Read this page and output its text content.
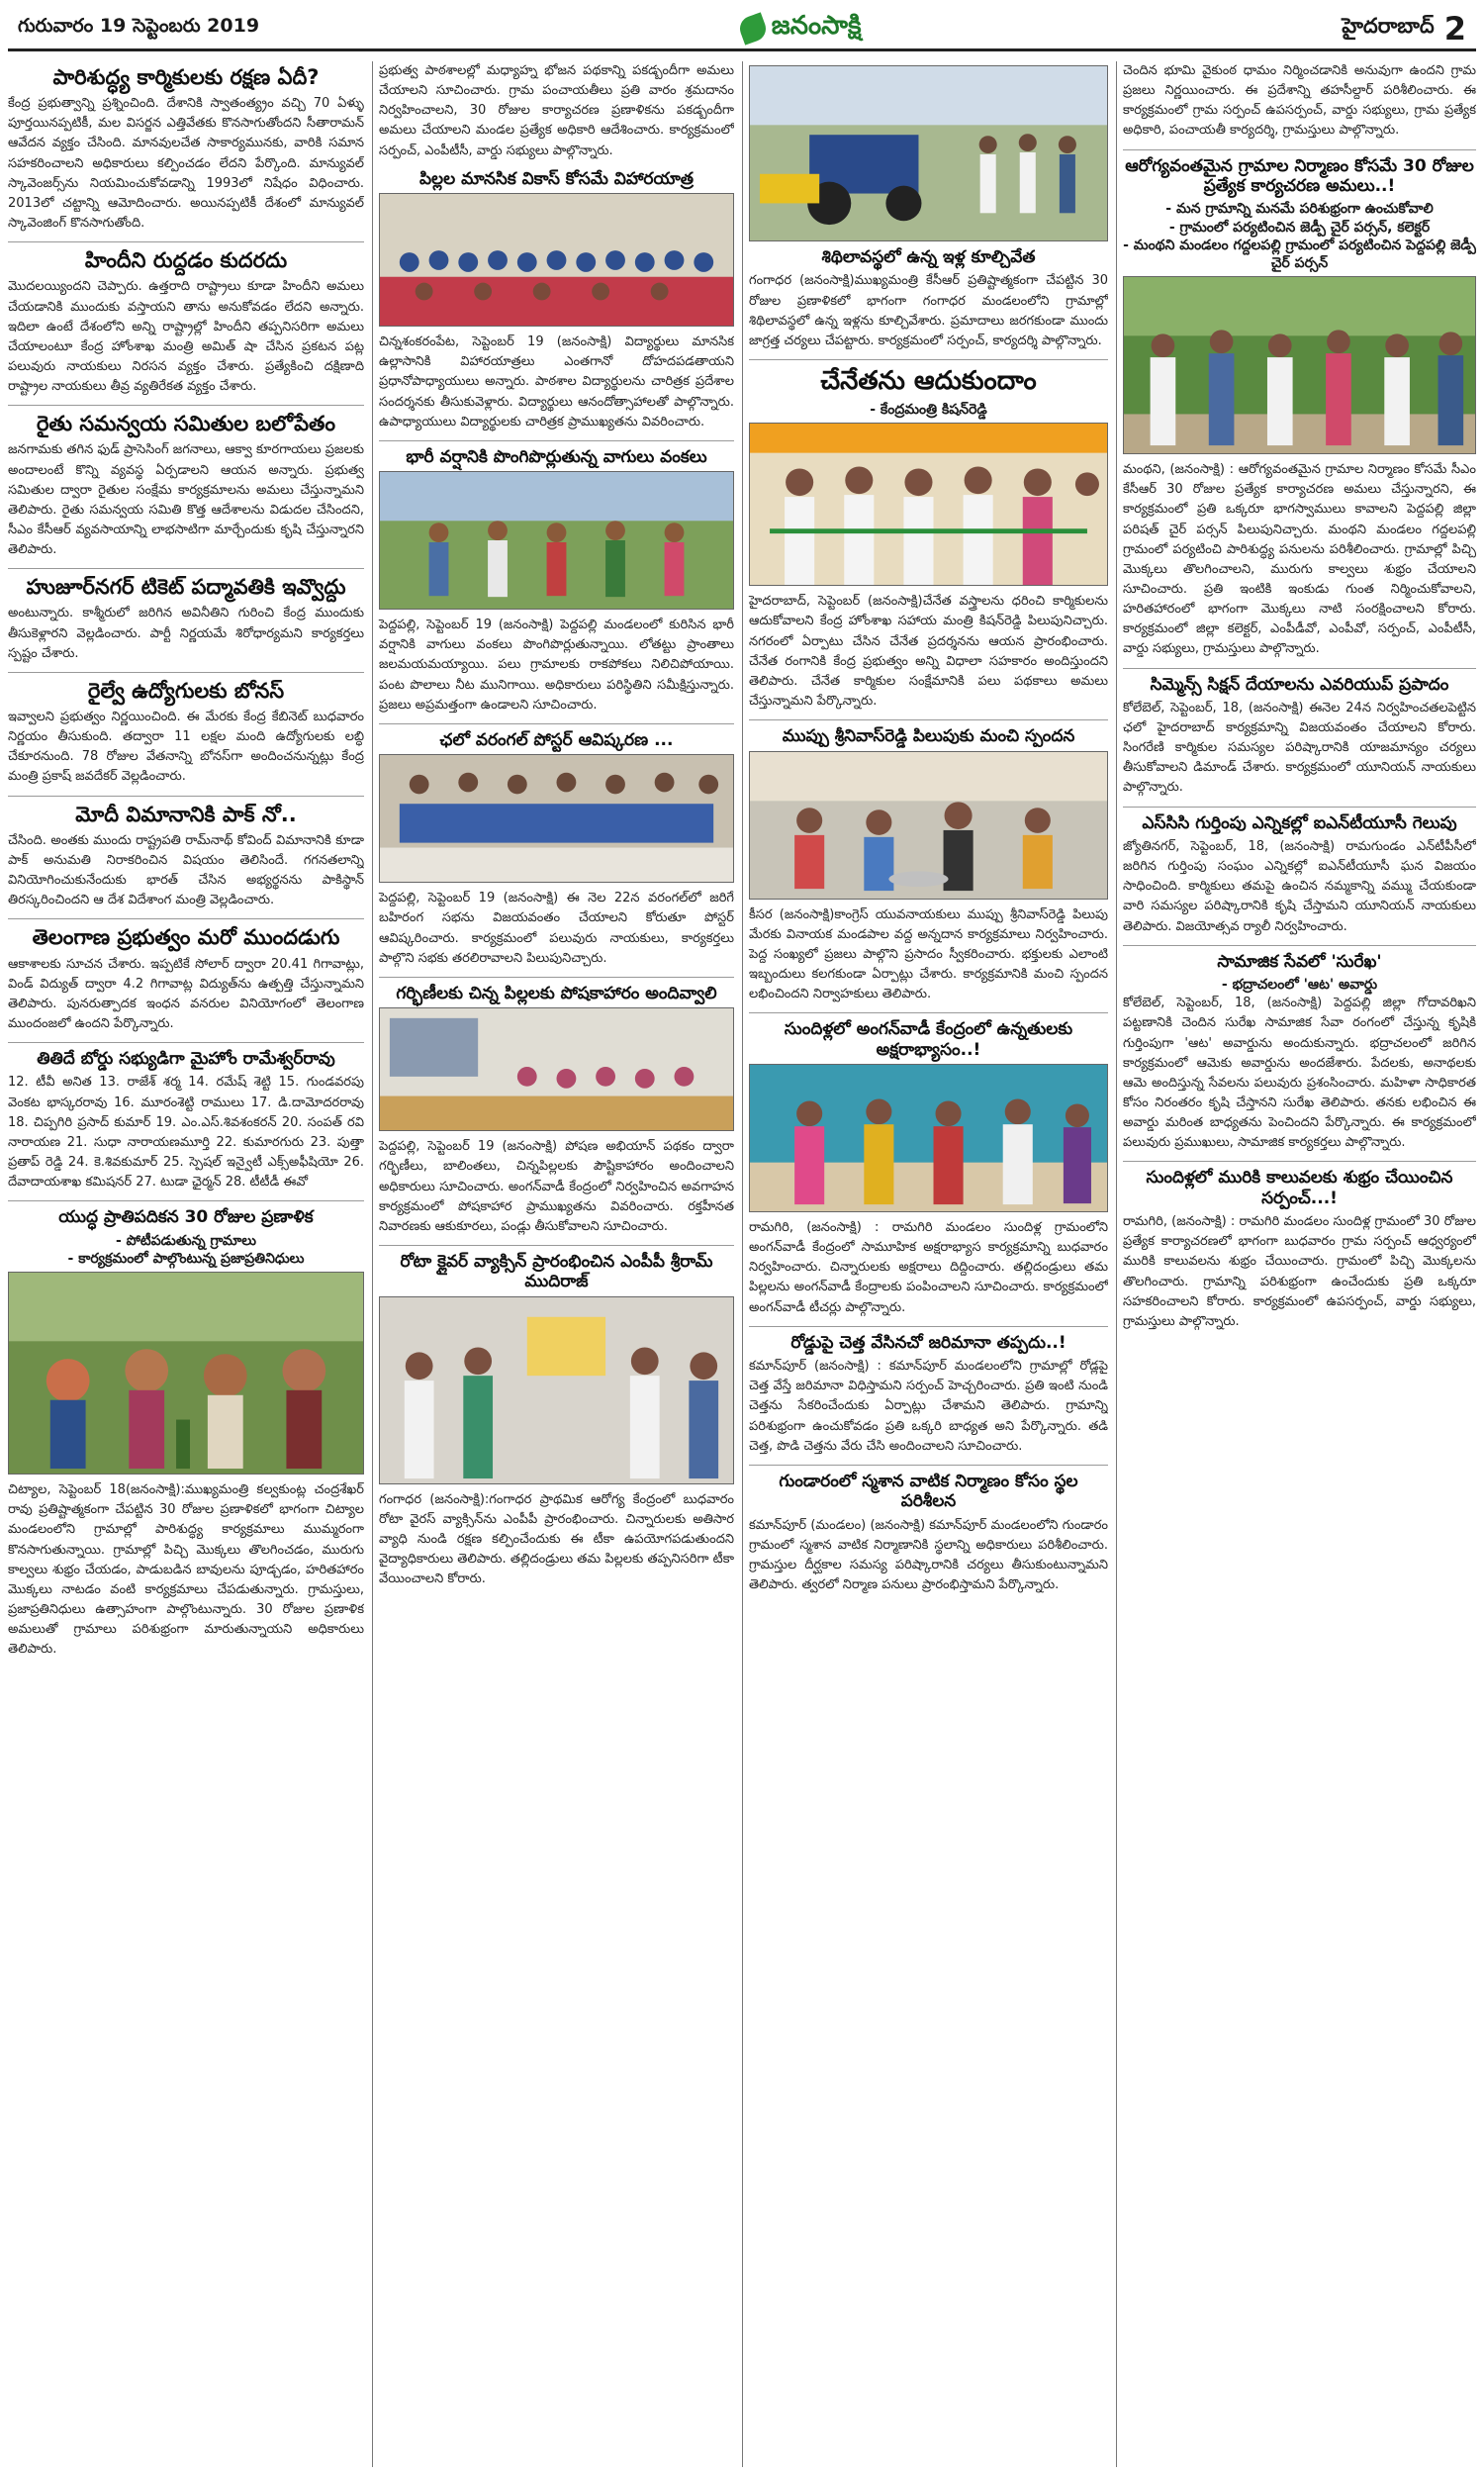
గురువారం 19 సెప్టెంబరు 2019	జనంసాక్షి	హైదరాబాద్ 2
పారిశుద్ధ్య కార్మికులకు రక్షణ ఏదీ?
కేంద్ర ప్రభుత్వాన్ని ప్రశ్నించింది. దేశానికి స్వాతంత్య్రం వచ్చి 70 ఏళ్ళు పూర్తయినప్పటికీ, మల విసర్జన ఎత్తివేతకు కొనసాగుతోందని సీతారామన్ ఆవేదన వ్యక్తం చేసింది. మానవులచేత సాకార్యమునకు, వారికి సమాన సహకరించాలని అధికారులు కల్పించడం లేదని పేర్కొంది. మాన్యువల్ స్కావెంజర్స్‌ను నియమించుకోవడాన్ని 1993లో నిషేధం విధించారు. 2013లో చట్టాన్ని ఆమోదించారు. అయినప్పటికీ దేశంలో మాన్యువల్ స్కావెంజింగ్ కొనసాగుతోంది.
హిందీని రుద్దడం కుదరదు
మొదలయ్యిందని చెప్పారు. ఉత్తరాది రాష్ట్రాలు కూడా హిందీని అమలు చేయడానికి ముందుకు వస్తాయని తాను అనుకోవడం లేదని అన్నారు. ఇదిలా ఉంటే దేశంలోని అన్ని రాష్ట్రాల్లో హిందీని తప్పనిసరిగా అమలు చేయాలంటూ కేంద్ర హోంశాఖ మంత్రి అమిత్ షా చేసిన ప్రకటన పట్ల పలువురు నాయకులు నిరసన వ్యక్తం చేశారు. ప్రత్యేకించి దక్షిణాది రాష్ట్రాల నాయకులు తీవ్ర వ్యతిరేకత వ్యక్తం చేశారు.
రైతు సమన్వయ సమితుల బలోపేతం
జనగామకు తగిన ఫుడ్ ప్రాసెసింగ్ జగనాలు, ఆక్వా కూరగాయలు ప్రజలకు అందాలంటే కొన్ని వ్యవస్థ ఏర్పడాలని ఆయన అన్నారు. ప్రభుత్వ సమితుల ద్వారా రైతుల సంక్షేమ కార్యక్రమాలను అమలు చేస్తున్నామని తెలిపారు. రైతు సమన్వయ సమితి కొత్త ఆదేశాలను విడుదల చేసిందని, సీఎం కేసీఆర్ వ్యవసాయాన్ని లాభసాటిగా మార్చేందుకు కృషి చేస్తున్నారని తెలిపారు.
హుజూర్‌నగర్ టికెట్ పద్మావతికి ఇవ్వొద్దు
అంటున్నారు. కాశ్మీరులో జరిగిన అవినీతిని గురించి కేంద్ర ముందుకు తీసుకెళ్లారని వెల్లడించారు. పార్టీ నిర్ణయమే శిరోధార్యమని కార్యకర్తలు స్పష్టం చేశారు.
రైల్వే ఉద్యోగులకు బోనస్
ఇవ్వాలని ప్రభుత్వం నిర్ణయించింది. ఈ మేరకు కేంద్ర కేబినెట్ బుధవారం నిర్ణయం తీసుకుంది. తద్వారా 11 లక్షల మంది ఉద్యోగులకు లబ్ధి చేకూరనుంది. 78 రోజుల వేతనాన్ని బోనస్‌గా అందించనున్నట్లు కేంద్ర మంత్రి ప్రకాష్ జవదేకర్ వెల్లడించారు.
మోదీ విమానానికి పాక్ నో..
చేసింది. అంతకు ముందు రాష్ట్రపతి రామ్‌నాథ్ కోవింద్ విమానానికి కూడా పాక్ అనుమతి నిరాకరించిన విషయం తెలిసిందే. గగనతలాన్ని వినియోగించుకునేందుకు భారత్ చేసిన అభ్యర్థనను పాకిస్థాన్ తిరస్కరించిందని ఆ దేశ విదేశాంగ మంత్రి వెల్లడించారు.
తెలంగాణ ప్రభుత్వం మరో ముందడుగు
ఆకాశాలకు సూచన చేశారు. ఇప్పటికే సోలార్ ద్వారా 20.41 గిగావాట్లు, విండ్ విద్యుత్ ద్వారా 4.2 గిగావాట్ల విద్యుత్‌ను ఉత్పత్తి చేస్తున్నామని తెలిపారు. పునరుత్పాదక ఇంధన వనరుల వినియోగంలో తెలంగాణ ముందంజలో ఉందని పేర్కొన్నారు.
తితిదే బోర్డు సభ్యుడిగా మైహోం రామేశ్వర్‌రావు
12. టీవీ అనిత 13. రాజేశ్ శర్మ 14. రమేష్ శెట్టి 15. గుండవరపు వెంకట భాస్కరరావు 16. మూరంశెట్టి రాములు 17. డి.దామోదరరావు 18. చిప్పగిరి ప్రసాద్ కుమార్ 19. ఎం.ఎస్.శివశంకరన్ 20. సంపత్ రవి నారాయణ 21. సుధా నారాయణమూర్తి 22. కుమారగురు 23. పుత్తా ప్రతాప్ రెడ్డి 24. కె.శివకుమార్ 25. స్పెషల్ ఇన్వైటీ ఎక్స్అఫీషియో 26. దేవాదాయశాఖ కమిషనర్ 27. టుడా ఛైర్మన్ 28. టీటీడీ ఈవో
యుద్ధ ప్రాతిపదికన 30 రోజుల ప్రణాళిక
- పోటీపడుతున్న గ్రామాలు
- కార్యక్రమంలో పాల్గొంటున్న ప్రజాప్రతినిధులు
చిట్యాల, సెప్టెంబర్ 18(జనంసాక్షి):ముఖ్యమంత్రి కల్వకుంట్ల చంద్రశేఖర్ రావు ప్రతిష్టాత్మకంగా చేపట్టిన 30 రోజుల ప్రణాళికలో భాగంగా చిట్యాల మండలంలోని గ్రామాల్లో పారిశుద్ధ్య కార్యక్రమాలు ముమ్మరంగా కొనసాగుతున్నాయి. గ్రామాల్లో పిచ్చి మొక్కలు తొలగించడం, మురుగు కాల్వలు శుభ్రం చేయడం, పాడుబడిన బావులను పూడ్చడం, హరితహారం మొక్కలు నాటడం వంటి కార్యక్రమాలు చేపడుతున్నారు. గ్రామస్తులు, ప్రజాప్రతినిధులు ఉత్సాహంగా పాల్గొంటున్నారు. 30 రోజుల ప్రణాళిక అమలుతో గ్రామాలు పరిశుభ్రంగా మారుతున్నాయని అధికారులు తెలిపారు.
ప్రభుత్వ పాఠశాలల్లో మధ్యాహ్న భోజన పథకాన్ని పకడ్బందీగా అమలు చేయాలని సూచించారు. గ్రామ పంచాయతీలు ప్రతి వారం శ్రమదానం నిర్వహించాలని, 30 రోజుల కార్యాచరణ ప్రణాళికను పకడ్బందీగా అమలు చేయాలని మండల ప్రత్యేక అధికారి ఆదేశించారు. కార్యక్రమంలో సర్పంచ్, ఎంపీటీసీ, వార్డు సభ్యులు పాల్గొన్నారు.
పిల్లల మానసిక వికాస్ కోసమే విహారయాత్ర
చిన్నశంకరంపేట, సెప్టెంబర్ 19 (జనంసాక్షి) విద్యార్థులు మానసిక ఉల్లాసానికి విహారయాత్రలు ఎంతగానో దోహదపడతాయని ప్రధానోపాధ్యాయులు అన్నారు. పాఠశాల విద్యార్థులను చారిత్రక ప్రదేశాల సందర్శనకు తీసుకువెళ్లారు. విద్యార్థులు ఆనందోత్సాహాలతో పాల్గొన్నారు. ఉపాధ్యాయులు విద్యార్థులకు చారిత్రక ప్రాముఖ్యతను వివరించారు.
భారీ వర్షానికి పొంగిపొర్లుతున్న వాగులు వంకలు
పెద్దపల్లి, సెప్టెంబర్ 19 (జనంసాక్షి) పెద్దపల్లి మండలంలో కురిసిన భారీ వర్షానికి వాగులు వంకలు పొంగిపొర్లుతున్నాయి. లోతట్టు ప్రాంతాలు జలమయమయ్యాయి. పలు గ్రామాలకు రాకపోకలు నిలిచిపోయాయి. పంట పొలాలు నీట మునిగాయి. అధికారులు పరిస్థితిని సమీక్షిస్తున్నారు. ప్రజలు అప్రమత్తంగా ఉండాలని సూచించారు.
ఛలో వరంగల్ పోస్టర్ ఆవిష్కరణ ...
పెద్దపల్లి, సెప్టెంబర్ 19 (జనంసాక్షి) ఈ నెల 22న వరంగల్‌లో జరిగే బహిరంగ సభను విజయవంతం చేయాలని కోరుతూ పోస్టర్ ఆవిష్కరించారు. కార్యక్రమంలో పలువురు నాయకులు, కార్యకర్తలు పాల్గొని సభకు తరలిరావాలని పిలుపునిచ్చారు.
గర్భిణీలకు చిన్న పిల్లలకు పోషకాహారం అందివ్వాలి
పెద్దపల్లి, సెప్టెంబర్ 19 (జనంసాక్షి) పోషణ అభియాన్ పథకం ద్వారా గర్భిణీలు, బాలింతలు, చిన్నపిల్లలకు పౌష్టికాహారం అందించాలని అధికారులు సూచించారు. అంగన్‌వాడీ కేంద్రంలో నిర్వహించిన అవగాహన కార్యక్రమంలో పోషకాహార ప్రాముఖ్యతను వివరించారు. రక్తహీనత నివారణకు ఆకుకూరలు, పండ్లు తీసుకోవాలని సూచించారు.
రోటా క్లైవర్ వ్యాక్సిన్ ప్రారంభించిన ఎంపీపీ శ్రీరామ్ ముదిరాజ్
గంగాధర (జనంసాక్షి):గంగాధర ప్రాథమిక ఆరోగ్య కేంద్రంలో బుధవారం రోటా వైరస్ వ్యాక్సిన్‌ను ఎంపీపీ ప్రారంభించారు. చిన్నారులకు అతిసార వ్యాధి నుండి రక్షణ కల్పించేందుకు ఈ టీకా ఉపయోగపడుతుందని వైద్యాధికారులు తెలిపారు. తల్లిదండ్రులు తమ పిల్లలకు తప్పనిసరిగా టీకా వేయించాలని కోరారు.
శిథిలావస్థలో ఉన్న ఇళ్ల కూల్చివేత
గంగాధర (జనంసాక్షి)ముఖ్యమంత్రి కేసీఆర్ ప్రతిష్టాత్మకంగా చేపట్టిన 30 రోజుల ప్రణాళికలో భాగంగా గంగాధర మండలంలోని గ్రామాల్లో శిథిలావస్థలో ఉన్న ఇళ్లను కూల్చివేశారు. ప్రమాదాలు జరగకుండా ముందు జాగ్రత్త చర్యలు చేపట్టారు. కార్యక్రమంలో సర్పంచ్, కార్యదర్శి పాల్గొన్నారు.
చేనేతను ఆదుకుందాం
- కేంద్రమంత్రి కిషన్‌రెడ్డి
హైదరాబాద్, సెప్టెంబర్ (జనంసాక్షి)చేనేత వస్త్రాలను ధరించి కార్మికులను ఆదుకోవాలని కేంద్ర హోంశాఖ సహాయ మంత్రి కిషన్‌రెడ్డి పిలుపునిచ్చారు. నగరంలో ఏర్పాటు చేసిన చేనేత ప్రదర్శనను ఆయన ప్రారంభించారు. చేనేత రంగానికి కేంద్ర ప్రభుత్వం అన్ని విధాలా సహకారం అందిస్తుందని తెలిపారు. చేనేత కార్మికుల సంక్షేమానికి పలు పథకాలు అమలు చేస్తున్నామని పేర్కొన్నారు.
ముప్పు శ్రీనివాస్‌రెడ్డి పిలుపుకు మంచి స్పందన
కీసర (జనంసాక్షి)కాంగ్రెస్ యువనాయకులు ముప్పు శ్రీనివాస్‌రెడ్డి పిలుపు మేరకు వినాయక మండపాల వద్ద అన్నదాన కార్యక్రమాలు నిర్వహించారు. పెద్ద సంఖ్యలో ప్రజలు పాల్గొని ప్రసాదం స్వీకరించారు. భక్తులకు ఎలాంటి ఇబ్బందులు కలగకుండా ఏర్పాట్లు చేశారు. కార్యక్రమానికి మంచి స్పందన లభించిందని నిర్వాహకులు తెలిపారు.
సుందిళ్లలో అంగన్‌వాడీ కేంద్రంలో ఉన్నతులకు అక్షరాభ్యాసం..!
రామగిరి, (జనంసాక్షి) : రామగిరి మండలం సుందిళ్ల గ్రామంలోని అంగన్‌వాడీ కేంద్రంలో సామూహిక అక్షరాభ్యాస కార్యక్రమాన్ని బుధవారం నిర్వహించారు. చిన్నారులకు అక్షరాలు దిద్దించారు. తల్లిదండ్రులు తమ పిల్లలను అంగన్‌వాడీ కేంద్రాలకు పంపించాలని సూచించారు. కార్యక్రమంలో అంగన్‌వాడీ టీచర్లు పాల్గొన్నారు.
రోడ్డుపై చెత్త వేసినచో జరిమానా తప్పదు..!
కమాన్‌పూర్ (జనంసాక్షి) : కమాన్‌పూర్ మండలంలోని గ్రామాల్లో రోడ్లపై చెత్త వేస్తే జరిమానా విధిస్తామని సర్పంచ్ హెచ్చరించారు. ప్రతి ఇంటి నుండి చెత్తను సేకరించేందుకు ఏర్పాట్లు చేశామని తెలిపారు. గ్రామాన్ని పరిశుభ్రంగా ఉంచుకోవడం ప్రతి ఒక్కరి బాధ్యత అని పేర్కొన్నారు. తడి చెత్త, పొడి చెత్తను వేరు చేసి అందించాలని సూచించారు.
గుండారంలో స్మశాన వాటిక నిర్మాణం కోసం స్థల పరిశీలన
కమాన్‌పూర్ (మండలం) (జనంసాక్షి) కమాన్‌పూర్ మండలంలోని గుండారం గ్రామంలో స్మశాన వాటిక నిర్మాణానికి స్థలాన్ని అధికారులు పరిశీలించారు. గ్రామస్తుల దీర్ఘకాల సమస్య పరిష్కారానికి చర్యలు తీసుకుంటున్నామని తెలిపారు. త్వరలో నిర్మాణ పనులు ప్రారంభిస్తామని పేర్కొన్నారు.
చెందిన భూమి వైకుంఠ ధామం నిర్మించడానికి అనువుగా ఉందని గ్రామ ప్రజలు నిర్ణయించారు. ఈ ప్రదేశాన్ని తహసీల్దార్ పరిశీలించారు. ఈ కార్యక్రమంలో గ్రామ సర్పంచ్ ఉపసర్పంచ్, వార్డు సభ్యులు, గ్రామ ప్రత్యేక అధికారి, పంచాయతీ కార్యదర్శి, గ్రామస్తులు పాల్గొన్నారు.
ఆరోగ్యవంతమైన గ్రామాల నిర్మాణం కోసమే 30 రోజుల ప్రత్యేక కార్యచరణ అమలు..!
- మన గ్రామాన్ని మనమే పరిశుభ్రంగా ఉంచుకోవాలి
- గ్రామంలో పర్యటించిన జెడ్పీ చైర్ పర్సన్, కలెక్టర్
- మంథని మండలం గద్దలపల్లి గ్రామంలో పర్యటించిన పెద్దపల్లి జెడ్పీ చైర్ పర్సన్
మంథని, (జనంసాక్షి) : ఆరోగ్యవంతమైన గ్రామాల నిర్మాణం కోసమే సీఎం కేసీఆర్ 30 రోజుల ప్రత్యేక కార్యాచరణ అమలు చేస్తున్నారని, ఈ కార్యక్రమంలో ప్రతి ఒక్కరూ భాగస్వాములు కావాలని పెద్దపల్లి జిల్లా పరిషత్ చైర్ పర్సన్ పిలుపునిచ్చారు. మంథని మండలం గద్దలపల్లి గ్రామంలో పర్యటించి పారిశుద్ధ్య పనులను పరిశీలించారు. గ్రామాల్లో పిచ్చి మొక్కలు తొలగించాలని, మురుగు కాల్వలు శుభ్రం చేయాలని సూచించారు. ప్రతి ఇంటికి ఇంకుడు గుంత నిర్మించుకోవాలని, హరితహారంలో భాగంగా మొక్కలు నాటి సంరక్షించాలని కోరారు. కార్యక్రమంలో జిల్లా కలెక్టర్, ఎంపీడీవో, ఎంపీవో, సర్పంచ్, ఎంపీటీసీ, వార్డు సభ్యులు, గ్రామస్తులు పాల్గొన్నారు.
సిమ్మెన్స్ సిక్షన్ దేయాలను ఎవరియుప్ ప్రపాదం
కోలేబెల్, సెప్టెంబర్, 18, (జనంసాక్షి) ఈనెల 24న నిర్వహించతలపెట్టిన ఛలో హైదరాబాద్ కార్యక్రమాన్ని విజయవంతం చేయాలని కోరారు. సింగరేణి కార్మికుల సమస్యల పరిష్కారానికి యాజమాన్యం చర్యలు తీసుకోవాలని డిమాండ్ చేశారు. కార్యక్రమంలో యూనియన్ నాయకులు పాల్గొన్నారు.
ఎస్‌సిసి గుర్తింపు ఎన్నికల్లో ఐఎన్‌టీయూసీ గెలుపు
జ్యోతినగర్, సెప్టెంబర్, 18, (జనంసాక్షి) రామగుండం ఎన్‌టీపీసీలో జరిగిన గుర్తింపు సంఘం ఎన్నికల్లో ఐఎన్‌టీయూసీ ఘన విజయం సాధించింది. కార్మికులు తమపై ఉంచిన నమ్మకాన్ని వమ్ము చేయకుండా వారి సమస్యల పరిష్కారానికి కృషి చేస్తామని యూనియన్ నాయకులు తెలిపారు. విజయోత్సవ ర్యాలీ నిర్వహించారు.
సామాజిక సేవలో 'సురేఖ'
- భద్రాచలంలో 'ఆట' అవార్డు
కోలేబెల్, సెప్టెంబర్, 18, (జనంసాక్షి) పెద్దపల్లి జిల్లా గోదావరిఖని పట్టణానికి చెందిన సురేఖ సామాజిక సేవా రంగంలో చేస్తున్న కృషికి గుర్తింపుగా 'ఆట' అవార్డును అందుకున్నారు. భద్రాచలంలో జరిగిన కార్యక్రమంలో ఆమెకు అవార్డును అందజేశారు. పేదలకు, అనాథలకు ఆమె అందిస్తున్న సేవలను పలువురు ప్రశంసించారు. మహిళా సాధికారత కోసం నిరంతరం కృషి చేస్తానని సురేఖ తెలిపారు. తనకు లభించిన ఈ అవార్డు మరింత బాధ్యతను పెంచిందని పేర్కొన్నారు. ఈ కార్యక్రమంలో పలువురు ప్రముఖులు, సామాజిక కార్యకర్తలు పాల్గొన్నారు.
సుందిళ్లలో మురికి కాలువలకు శుభ్రం చేయించిన సర్పంచ్...!
రామగిరి, (జనంసాక్షి) : రామగిరి మండలం సుందిళ్ల గ్రామంలో 30 రోజుల ప్రత్యేక కార్యాచరణలో భాగంగా బుధవారం గ్రామ సర్పంచ్ ఆధ్వర్యంలో మురికి కాలువలను శుభ్రం చేయించారు. గ్రామంలో పిచ్చి మొక్కలను తొలగించారు. గ్రామాన్ని పరిశుభ్రంగా ఉంచేందుకు ప్రతి ఒక్కరూ సహకరించాలని కోరారు. కార్యక్రమంలో ఉపసర్పంచ్, వార్డు సభ్యులు, గ్రామస్తులు పాల్గొన్నారు.
